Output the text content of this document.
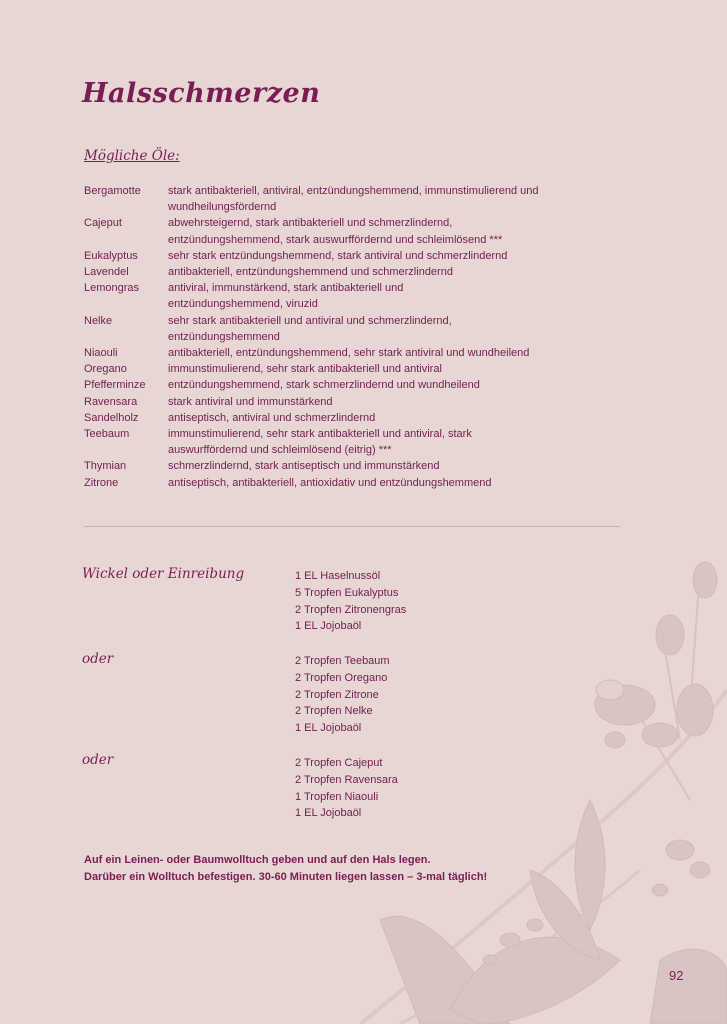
Halsschmerzen
Mögliche Öle:
Bergamotte	stark antibakteriell, antiviral, entzündungshemmend, immunstimulierend und
wundheilungsfördernd
Cajeput	abwehrsteigernd, stark antibakteriell und schmerzlindernd,
entzündungshemmend, stark auswurffördernd und schleimlösend ***
Eukalyptus	sehr stark entzündungshemmend, stark antiviral und schmerzlindernd
Lavendel	antibakteriell, entzündungshemmend und schmerzlindernd
Lemongras	antiviral, immunstärkend, stark antibakteriell und
entzündungshemmend, viruzid
Nelke	sehr stark antibakteriell und antiviral und schmerzlindernd,
entzündungshemmend
Niaouli	antibakteriell, entzündungshemmend, sehr stark antiviral und wundheilend
Oregano	immunstimulierend, sehr stark antibakteriell und antiviral
Pfefferminze	entzündungshemmend, stark schmerzlindernd und wundheilend
Ravensara	stark antiviral und immunstärkend
Sandelholz	antiseptisch, antiviral und schmerzlindernd
Teebaum	immunstimulierend, sehr stark antibakteriell und antiviral, stark
auswurffördernd und schleimlösend (eitrig) ***
Thymian	schmerzlindernd, stark antiseptisch und immunstärkend
Zitrone	antiseptisch, antibakteriell, antioxidativ und entzündungshemmend
Wickel oder Einreibung	1 EL Haselnussöl
5 Tropfen Eukalyptus
2 Tropfen Zitronengras
1 EL Jojobaöl
oder	2 Tropfen Teebaum
2 Tropfen Oregano
2 Tropfen Zitrone
2 Tropfen Nelke
1 EL Jojobaöl
oder	2 Tropfen Cajeput
2 Tropfen Ravensara
1 Tropfen Niaouli
1 EL Jojobaöl
Auf ein Leinen- oder Baumwolltuch geben und auf den Hals legen.
Darüber ein Wolltuch befestigen. 30-60 Minuten liegen lassen – 3-mal täglich!
92
